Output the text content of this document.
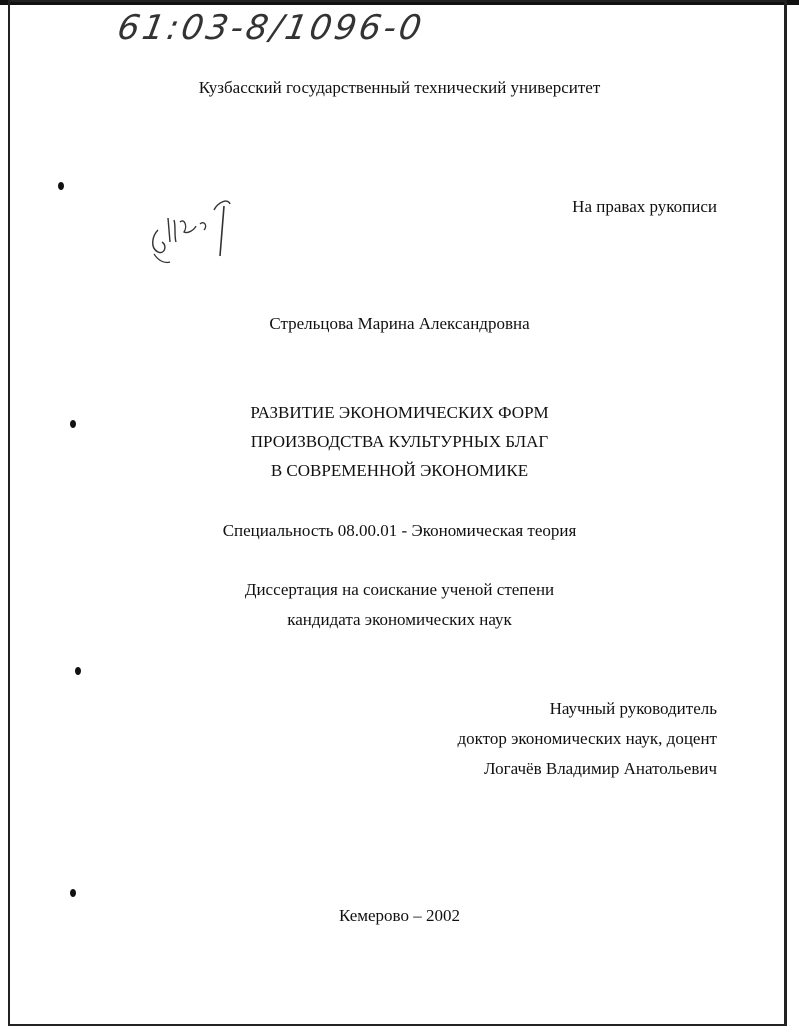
61:03-8/1096-0
Кузбасский государственный технический университет
На правах рукописи
Стрельцова Марина Александровна
РАЗВИТИЕ ЭКОНОМИЧЕСКИХ ФОРМ
ПРОИЗВОДСТВА КУЛЬТУРНЫХ БЛАГ
В СОВРЕМЕННОЙ ЭКОНОМИКЕ
Специальность 08.00.01 - Экономическая теория
Диссертация на соискание ученой степени
кандидата экономических наук
Научный руководитель
доктор экономических наук, доцент
Логачёв Владимир Анатольевич
Кемерово – 2002
